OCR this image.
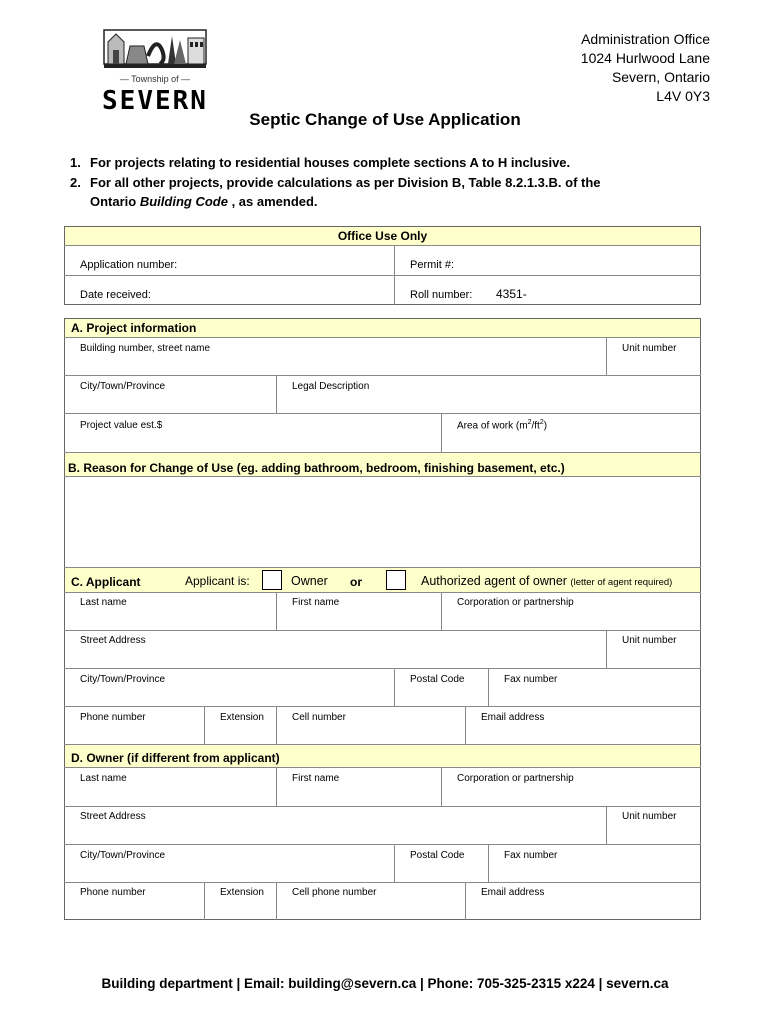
— Township of —
SEVERN
Administration Office
1024 Hurlwood Lane
Severn, Ontario
L4V 0Y3
Septic Change of Use Application
1. For projects relating to residential houses complete sections A to H inclusive.
2. For all other projects, provide calculations as per Division B, Table 8.2.1.3.B. of the
Ontario Building Code , as amended.
Office Use Only
Application number:	Permit #:
Date received:	Roll number: 4351-
A. Project information
Building number, street name	Unit number
City/Town/Province	Legal Description
Project value est.$	Area of work $(m^2/ft^2)$
B. Reason for Change of Use (eg. adding bathroom, bedroom, finishing basement, etc.)
C. Applicant	Applicant is:	Owner or	Authorized agent of owner (letter of agent required)
Last name	First name	Corporation or partnership
Street Address	Unit number
City/Town/Province	Postal Code	Fax number
Phone number	Extension	Cell number	Email address
D. Owner (if different from applicant)
Last name	First name	Corporation or partnership
Street Address	Unit number
City/Town/Province	Postal Code	Fax number
Phone number	Extension	Cell phone number	Email address
Building department | Email: building@severn.ca | Phone: 705-325-2315 x224 | severn.ca
